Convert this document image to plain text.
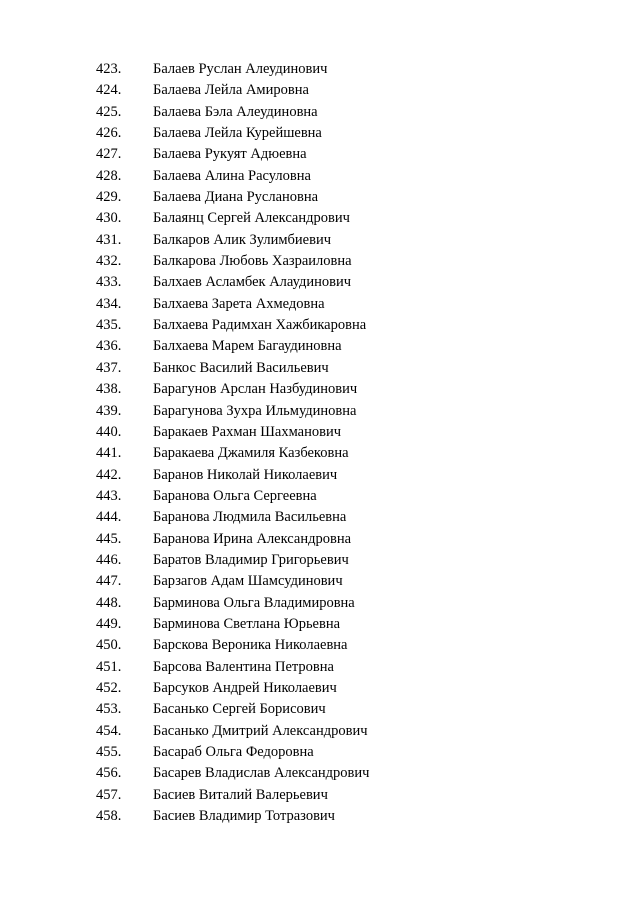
423. Балаев Руслан Алеудинович
424. Балаева Лейла Амировна
425. Балаева Бэла Алеудиновна
426. Балаева Лейла Курейшевна
427. Балаева Рукуят Адюевна
428. Балаева Алина Расуловна
429. Балаева Диана Руслановна
430. Балаянц Сергей Александрович
431. Балкаров Алик Зулимбиевич
432. Балкарова Любовь Хазраиловна
433. Балхаев Асламбек Алаудинович
434. Балхаева Зарета Ахмедовна
435. Балхаева Радимхан Хажбикаровна
436. Балхаева Марем Багаудиновна
437. Банкос Василий Васильевич
438. Барагунов Арслан Назбудинович
439. Барагунова Зухра Ильмудиновна
440. Баракаев Рахман Шахманович
441. Баракаева Джамиля Казбековна
442. Баранов Николай Николаевич
443. Баранова Ольга Сергеевна
444. Баранова Людмила Васильевна
445. Баранова Ирина Александровна
446. Баратов Владимир Григорьевич
447. Барзагов Адам Шамсудинович
448. Барминова Ольга Владимировна
449. Барминова Светлана Юрьевна
450. Барскова Вероника Николаевна
451. Барсова Валентина Петровна
452. Барсуков Андрей Николаевич
453. Басанько Сергей Борисович
454. Басанько Дмитрий Александрович
455. Басараб Ольга Федоровна
456. Басарев Владислав Александрович
457. Басиев Виталий Валерьевич
458. Басиев Владимир Тотразович
